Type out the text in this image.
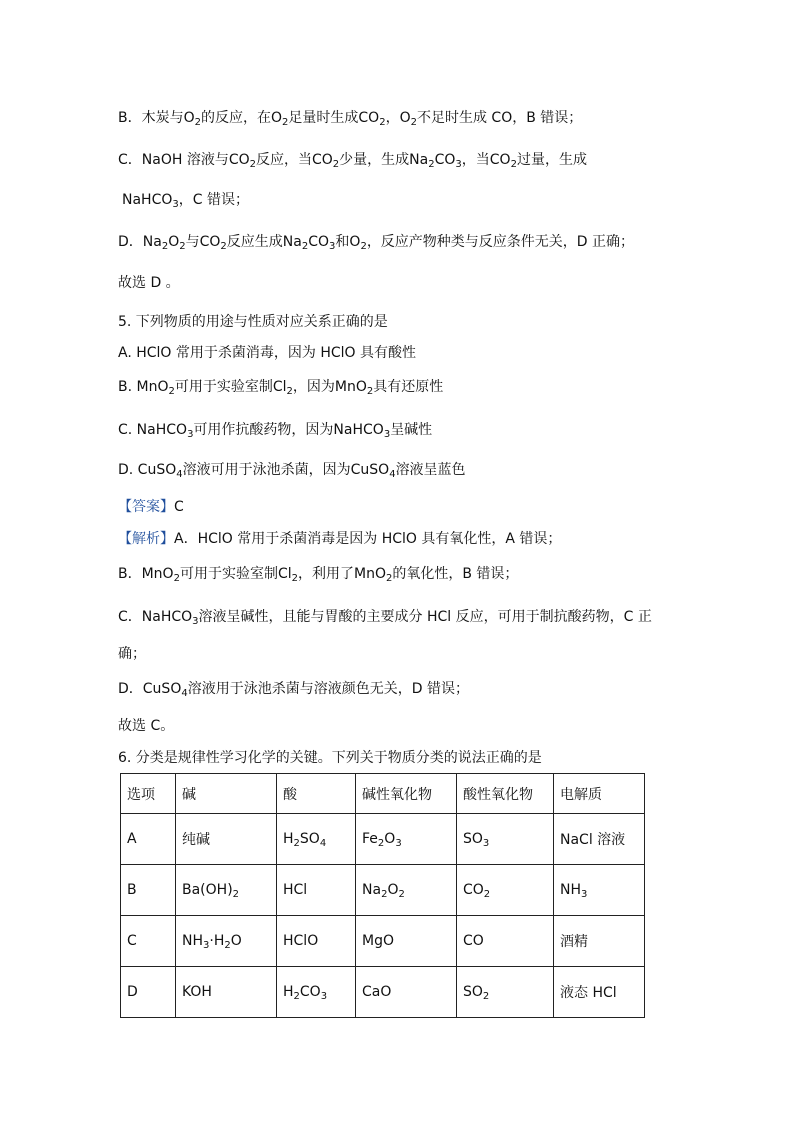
B．木炭与$O_2$的反应，在$O_2$足量时生成$CO_2$，$O_2$不足时生成 CO，B 错误；
C．NaOH 溶液与$CO_2$反应，当$CO_2$少量，生成$Na_2CO_3$，当$CO_2$过量，生成
NaHCO$_3$，C 错误；
D．$Na_2O_2$与$CO_2$反应生成$Na_2CO_3$和$O_2$，反应产物种类与反应条件无关，D 正确；
故选 D 。
5. 下列物质的用途与性质对应关系正确的是
A. HClO 常用于杀菌消毒，因为 HClO 具有酸性
B. MnO$_2$可用于实验室制$Cl_2$，因为MnO$_2$具有还原性
C. NaHCO$_3$可用作抗酸药物，因为NaHCO$_3$呈碱性
D. CuSO$_4$溶液可用于泳池杀菌，因为CuSO$_4$溶液呈蓝色
【答案】C
【解析】A．HClO 常用于杀菌消毒是因为 HClO 具有氧化性，A 错误；
B．MnO$_2$可用于实验室制$Cl_2$，利用了MnO$_2$的氧化性，B 错误；
C．NaHCO$_3$溶液呈碱性，且能与胃酸的主要成分 HCl 反应，可用于制抗酸药物，C 正
确；
D．CuSO$_4$溶液用于泳池杀菌与溶液颜色无关，D 错误；
故选 C。
6. 分类是规律性学习化学的关键。下列关于物质分类的说法正确的是
选项	碱	酸	碱性氧化物	酸性氧化物	电解质
A	纯碱	$H_2SO_4$	$Fe_2O_3$	$SO_3$	NaCl 溶液
B	$Ba(OH)_2$	HCl	$Na_2O_2$	$CO_2$	$NH_3$
C	$NH_3\cdot H_2O$	HClO	MgO	CO	酒精
D	KOH	$H_2CO_3$	CaO	$SO_2$	液态 HCl
